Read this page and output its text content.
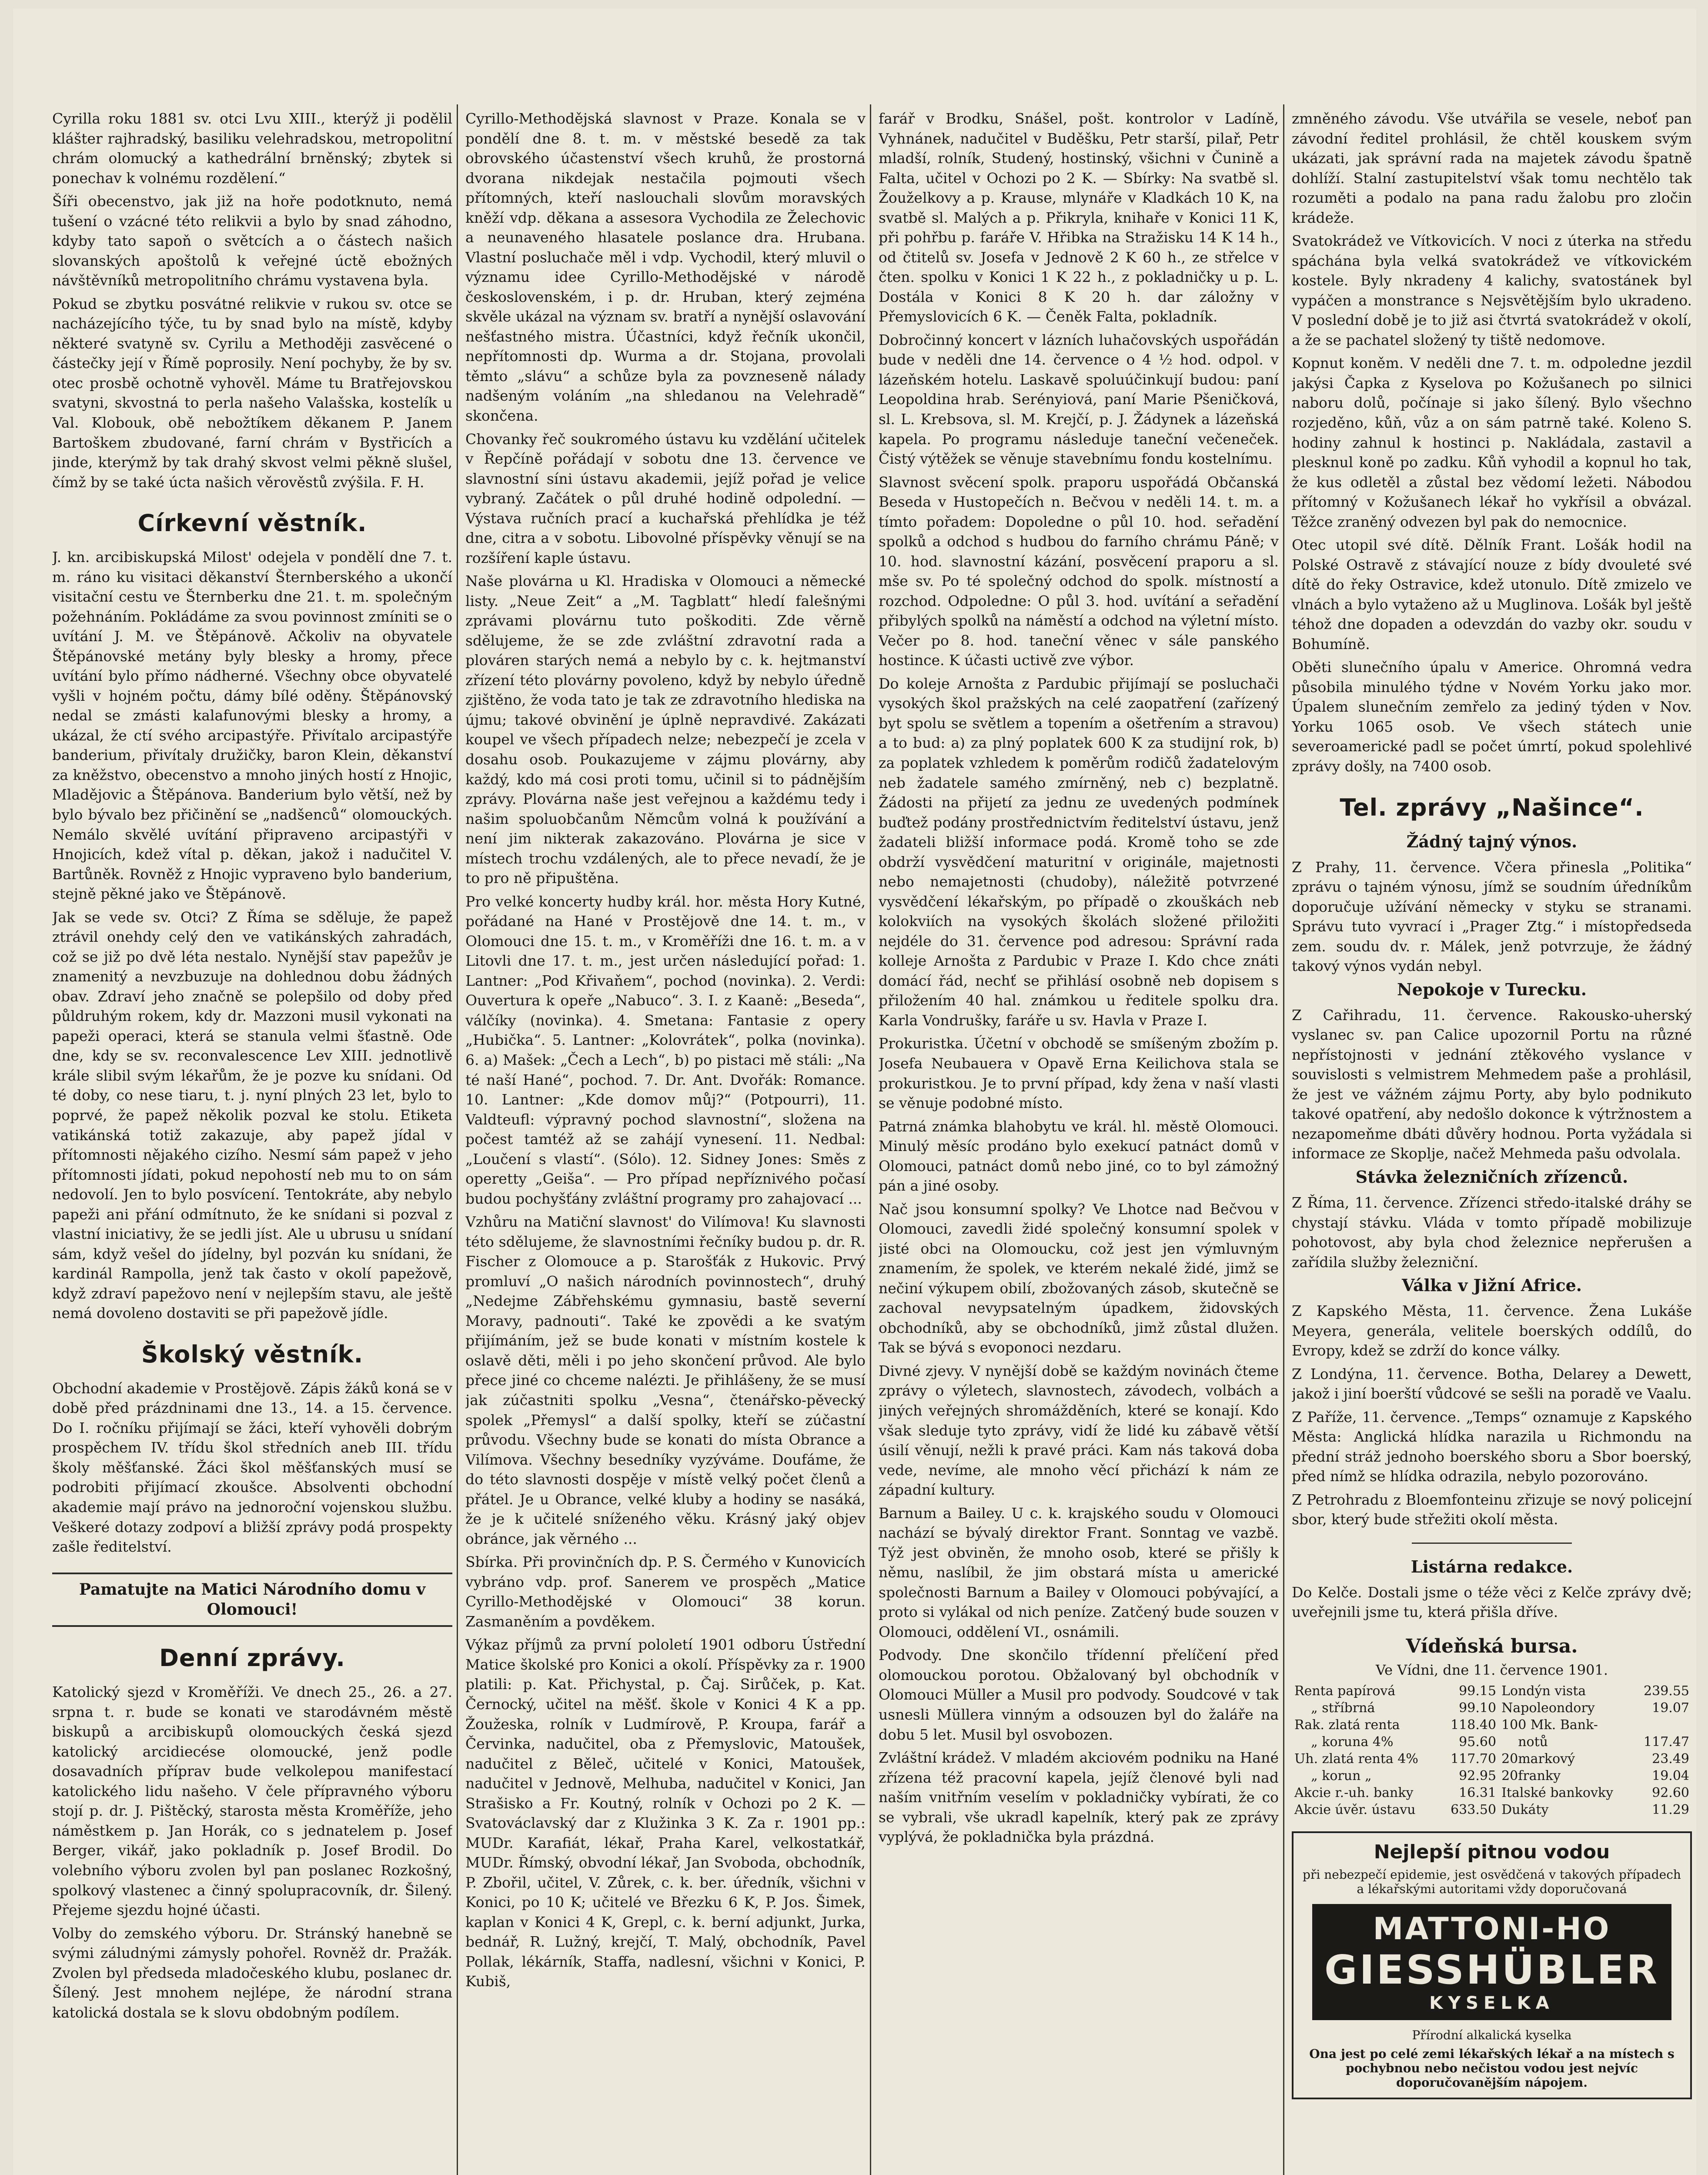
Cyrilla roku 1881 sv. otci Lvu XIII., kterýž ji podělil klášter rajhradský, basiliku velehradskou, metropolitní chrám olomucký a kathedrální brněnský; zbytek si ponechav k volnému rozdělení.“

Šíři obecenstvo, jak již na hoře podotknuto, nemá tušení o vzácné této relikvii a bylo by snad záhodno, kdyby tato sapoň o světcích a o částech našich slovanských apoštolů k veřejné úctě ebožných návštěvníků metropolitního chrámu vystavena byla.

Pokud se zbytku posvátné relikvie v rukou sv. otce se nacházejícího týče, tu by snad bylo na místě, kdyby některé svatyně sv. Cyrilu a Methoději zasvěcené o částečky její v Římě poprosily. Není pochyby, že by sv. otec prosbě ochotně vyhověl. Máme tu Bratřejovskou svatyni, skvostná to perla našeho Valašska, kostelík u Val. Klobouk, obě nebožtíkem děkanem P. Janem Bartoškem zbudované, farní chrám v Bystřicích a jinde, kterýmž by tak drahý skvost velmi pěkně slušel, čímž by se také úcta našich věrověstů zvýšila. F. H.

Církevní věstník.

J. kn. arcibiskupská Milost' odejela v pondělí dne 7. t. m. ráno ku visitaci děkanství Šternberského a ukončí visitační cestu ve Šternberku dne 21. t. m. společným požehnáním. Pokládáme za svou povinnost zmíniti se o uvítání J. M. ve Štěpánově. Ačkoliv na obyvatele Štěpánovské metány byly blesky a hromy, přece uvítání bylo přímo nádherné. Všechny obce obyvatelé vyšli v hojném počtu, dámy bílé oděny. Štěpánovský nedal se zmásti kalafunovými blesky a hromy, a ukázal, že ctí svého arcipastýře. Přivítalo arcipastýře banderium, přivítaly družičky, baron Klein, děkanství za kněžstvo, obecenstvo a mnoho jiných hostí z Hnojic, Mladějovic a Štěpánova. Banderium bylo větší, než by bylo bývalo bez přičinění se „nadšenců“ olomouckých. Nemálo skvělé uvítání připraveno arcipastýři v Hnojicích, kdež vítal p. děkan, jakož i nadučitel V. Bartůněk. Rovněž z Hnojic vypraveno bylo banderium, stejně pěkné jako ve Štěpánově.

Jak se vede sv. Otci? Z Říma se sděluje, že papež ztrávil onehdy celý den ve vatikánských zahradách, což se již po dvě léta nestalo. Nynější stav papežův je znamenitý a nevzbuzuje na dohlednou dobu žádných obav. Zdraví jeho značně se polepšilo od doby před půldruhým rokem, kdy dr. Mazzoni musil vykonati na papeži operaci, která se stanula velmi šťastně. Ode dne, kdy se sv. reconvalescence Lev XIII. jednotlivě krále slibil svým lékařům, že je pozve ku snídani. Od té doby, co nese tiaru, t. j. nyní plných 23 let, bylo to poprvé, že papež několik pozval ke stolu. Etiketa vatikánská totiž zakazuje, aby papež jídal v přítomnosti nějakého cizího. Nesmí sám papež v jeho přítomnosti jídati, pokud nepohostí neb mu to on sám nedovolí. Jen to bylo posvícení. Tentokráte, aby nebylo papeži ani přání odmítnuto, že ke snídani si pozval z vlastní iniciativy, že se jedli jíst. Ale u ubrusu u snídaní sám, když vešel do jídelny, byl pozván ku snídani, že kardinál Rampolla, jenž tak často v okolí papežově, když zdraví papežovo není v nejlepším stavu, ale ještě nemá dovoleno dostaviti se při papežově jídle.

Školský věstník.

Obchodní akademie v Prostějově. Zápis žáků koná se v době před prázdninami dne 13., 14. a 15. července. Do I. ročníku přijímají se žáci, kteří vyhověli dobrým prospěchem IV. třídu škol středních aneb III. třídu školy měšťanské. Žáci škol měšťanských musí se podrobiti přijímací zkoušce. Absolventi obchodní akademie mají právo na jednoroční vojenskou službu. Veškeré dotazy zodpoví a bližší zprávy podá prospekty zašle ředitelství.

Pamatujte na Matici Národního domu v Olomouci!
Denní zprávy.

Katolický sjezd v Kroměříži. Ve dnech 25., 26. a 27. srpna t. r. bude se konati ve starodávném městě biskupů a arcibiskupů olomouckých česká sjezd katolický arcidiecése olomoucké, jenž podle dosavadních příprav bude velkolepou manifestací katolického lidu našeho. V čele přípravného výboru stojí p. dr. J. Pištěcký, starosta města Kroměříže, jeho náměstkem p. Jan Horák, co s jednatelem p. Josef Berger, vikář, jako pokladník p. Josef Brodil. Do volebního výboru zvolen byl pan poslanec Rozkošný, spolkový vlastenec a činný spolupracovník, dr. Šilený. Přejeme sjezdu hojné účasti.

Volby do zemského výboru. Dr. Stránský hanebně se svými záludnými zámysly pohořel. Rovněž dr. Pražák. Zvolen byl předseda mladočeského klubu, poslanec dr. Šílený. Jest mnohem nejlépe, že národní strana katolická dostala se k slovu obdobným podílem.

Cyrillo-Methodějská slavnost v Praze. Konala se v pondělí dne 8. t. m. v městské besedě za tak obrovského účastenství všech kruhů, že prostorná dvorana nikdejak nestačila pojmouti všech přítomných, kteří naslouchali slovům moravských kněží vdp. děkana a assesora Vychodila ze Želechovic a neunaveného hlasatele poslance dra. Hrubana. Vlastní posluchače měl i vdp. Vychodil, který mluvil o významu idee Cyrillo-Methodějské v národě československém, i p. dr. Hruban, který zejména skvěle ukázal na význam sv. bratří a nynější oslavování nešťastného mistra. Účastníci, když řečník ukončil, nepřítomnosti dp. Wurma a dr. Stojana, provolali těmto „slávu“ a schůze byla za povzneseně nálady nadšeným voláním „na shledanou na Velehradě“ skončena.

Chovanky řeč soukromého ústavu ku vzdělání učitelek v Řepčíně pořádají v sobotu dne 13. července ve slavnostní síni ústavu akademii, jejíž pořad je velice vybraný. Začátek o půl druhé hodině odpolední. — Výstava ručních prací a kuchařská přehlídka je též dne, citra a v sobotu. Libovolné příspěvky věnují se na rozšíření kaple ústavu.

Naše plovárna u Kl. Hradiska v Olomouci a německé listy. „Neue Zeit“ a „M. Tagblatt“ hledí falešnými zprávami plovárnu tuto poškoditi. Zde věrně sdělujeme, že se zde zvláštní zdravotní rada a plováren starých nemá a nebylo by c. k. hejtmanství zřízení této plovárny povoleno, když by nebylo úředně zjištěno, že voda tato je tak ze zdravotního hlediska na újmu; takové obvinění je úplně nepravdivé. Zakázati koupel ve všech případech nelze; nebezpečí je zcela v dosahu osob. Poukazujeme v zájmu plovárny, aby každý, kdo má cosi proti tomu, učinil si to pádnějším zprávy. Plovárna naše jest veřejnou a každému tedy i našim spoluobčanům Němcům volná k používání a není jim nikterak zakazováno. Plovárna je sice v místech trochu vzdálených, ale to přece nevadí, že je to pro ně připuštěna.

Pro velké koncerty hudby král. hor. města Hory Kutné, pořádané na Hané v Prostějově dne 14. t. m., v Olomouci dne 15. t. m., v Kroměříži dne 16. t. m. a v Litovli dne 17. t. m., jest určen následující pořad: 1. Lantner: „Pod Křivaňem“, pochod (novinka). 2. Verdi: Ouvertura k opeře „Nabuco“. 3. I. z Kaaně: „Beseda“, válčíky (novinka). 4. Smetana: Fantasie z opery „Hubička“. 5. Lantner: „Kolovrátek“, polka (novinka). 6. a) Mašek: „Čech a Lech“, b) po pistaci mě stáli: „Na té naší Hané“, pochod. 7. Dr. Ant. Dvořák: Romance. 10. Lantner: „Kde domov můj?“ (Potpourri), 11. Valdteufl: výpravný pochod slavnostní“, složena na počest tamtéž až se zahájí vynesení. 11. Nedbal: „Loučení s vlastí“. (Sólo). 12. Sidney Jones: Směs z operetty „Geiša“. — Pro případ nepříznivého počasí budou pochyšťány zvláštní programy pro zahajovací ...

Vzhůru na Matiční slavnost' do Vilímova! Ku slavnosti této sdělujeme, že slavnostními řečníky budou p. dr. R. Fischer z Olomouce a p. Starošťák z Hukovic. Prvý promluví „O našich národních povinnostech“, druhý „Nedejme Zábřehskému gymnasiu, bastě severní Moravy, padnouti“. Také ke zpovědi a ke svatým přijímáním, jež se bude konati v místním kostele k oslavě děti, měli i po jeho skončení průvod. Ale bylo přece jiné co chceme nalézti. Je přihlášeny, že se musí jak zúčastniti spolku „Vesna“, čtenářsko-pěvecký spolek „Přemysl“ a další spolky, kteří se zúčastní průvodu. Všechny bude se konati do místa Obrance a Vilímova. Všechny besedníky vyzýváme. Doufáme, že do této slavnosti dospěje v místě velký počet členů a přátel. Je u Obrance, velké kluby a hodiny se nasáká, že je k učitelé sníženého věku. Krásný jaký objev obránce, jak věrného ...

Sbírka. Při provinčních dp. P. S. Čermého v Kunovicích vybráno vdp. prof. Sanerem ve prospěch „Matice Cyrillo-Methodějské v Olomouci“ 38 korun. Zasmaněním a povděkem.

Výkaz příjmů za první pololetí 1901 odboru Ústřední Matice školské pro Konici a okolí. Příspěvky za r. 1900 platili: p. Kat. Přichystal, p. Čaj. Sirůček, p. Kat. Černocký, učitel na měšť. škole v Konici 4 K a pp. Žoužeska, rolník v Ludmírově, P. Kroupa, farář a Červinka, nadučitel, oba z Přemyslovic, Matoušek, nadučitel z Běleč, učitelé v Konici, Matoušek, nadučitel v Jednově, Melhuba, nadučitel v Konici, Jan Strašisko a Fr. Koutný, rolník v Ochozi po 2 K. — Svatováclavský dar z Klužinka 3 K. Za r. 1901 pp.: MUDr. Karafiát, lékař, Praha Karel, velkostatkář, MUDr. Římský, obvodní lékař, Jan Svoboda, obchodník, P. Zbořil, učitel, V. Zůrek, c. k. ber. úředník, všichni v Konici, po 10 K; učitelé ve Březku 6 K, P. Jos. Šimek, kaplan v Konici 4 K, Grepl, c. k. berní adjunkt, Jurka, bednář, R. Lužný, krejčí, T. Malý, obchodník, Pavel Pollak, lékárník, Staffa, nadlesní, všichni v Konici, P. Kubiš,

farář v Brodku, Snášel, pošt. kontrolor v Ladíně, Vyhnánek, nadučitel v Buděšku, Petr starší, pilař, Petr mladší, rolník, Studený, hostinský, všichni v Čunině a Falta, učitel v Ochozi po 2 K. — Sbírky: Na svatbě sl. Žouželkovy a p. Krause, mlynáře v Kladkách 10 K, na svatbě sl. Malých a p. Přikryla, knihaře v Konici 11 K, při pohřbu p. faráře V. Hřibka na Stražisku 14 K 14 h., od čtitelů sv. Josefa v Jednově 2 K 60 h., ze střelce v čten. spolku v Konici 1 K 22 h., z pokladničky u p. L. Dostála v Konici 8 K 20 h. dar záložny v Přemyslovicích 6 K. — Čeněk Falta, pokladník.

Dobročinný koncert v lázních luhačovských uspořádán bude v neděli dne 14. července o 4 ½ hod. odpol. v lázeňském hotelu. Laskavě spoluúčinkují budou: paní Leopoldina hrab. Serényiová, paní Marie Pšeničková, sl. L. Krebsova, sl. M. Krejčí, p. J. Žádynek a lázeňská kapela. Po programu následuje taneční večeneček. Čistý výtěžek se věnuje stavebnímu fondu kostelnímu.

Slavnost svěcení spolk. praporu uspořádá Občanská Beseda v Hustopečích n. Bečvou v neděli 14. t. m. a tímto pořadem: Dopoledne o půl 10. hod. seřadění spolků a odchod s hudbou do farního chrámu Páně; v 10. hod. slavnostní kázání, posvěcení praporu a sl. mše sv. Po té společný odchod do spolk. místností a rozchod. Odpoledne: O půl 3. hod. uvítání a seřadění přibylých spolků na náměstí a odchod na výletní místo. Večer po 8. hod. taneční věnec v sále panského hostince. K účasti uctivě zve výbor.

Do koleje Arnošta z Pardubic přijímají se posluchači vysokých škol pražských na celé zaopatření (zařízený byt spolu se světlem a topením a ošetřením a stravou) a to bud: a) za plný poplatek 600 K za studijní rok, b) za poplatek vzhledem k poměrům rodičů žadatelovým neb žadatele samého zmírněný, neb c) bezplatně. Žádosti na přijetí za jednu ze uvedených podmínek buďtež podány prostřednictvím ředitelství ústavu, jenž žadateli bližší informace podá. Kromě toho se zde obdrží vysvědčení maturitní v originále, majetnosti nebo nemajetnosti (chudoby), náležitě potvrzené vysvědčení lékařským, po případě o zkouškách neb kolokviích na vysokých školách složené přiložiti nejdéle do 31. července pod adresou: Správní rada kolleje Arnošta z Pardubic v Praze I. Kdo chce znáti domácí řád, nechť se přihlásí osobně neb dopisem s přiložením 40 hal. známkou u ředitele spolku dra. Karla Vondrušky, faráře u sv. Havla v Praze I.

Prokuristka. Účetní v obchodě se smíšeným zbožím p. Josefa Neubauera v Opavě Erna Keilichova stala se prokuristkou. Je to první případ, kdy žena v naší vlasti se věnuje podobné místo.

Patrná známka blahobytu ve král. hl. městě Olomouci. Minulý měsíc prodáno bylo exekucí patnáct domů v Olomouci, patnáct domů nebo jiné, co to byl zámožný pán a jiné osoby.

Nač jsou konsumní spolky? Ve Lhotce nad Bečvou v Olomouci, zavedli židé společný konsumní spolek v jisté obci na Olomoucku, což jest jen výmluvným znamením, že spolek, ve kterém nekalé židé, jimž se nečiní výkupem obilí, zbožovaných zásob, skutečně se zachoval nevypsatelným úpadkem, židovských obchodníků, aby se obchodníků, jimž zůstal dlužen. Tak se bývá s evoponoci nezdaru.

Divné zjevy. V nynější době se každým novinách čteme zprávy o výletech, slavnostech, závodech, volbách a jiných veřejných shromážděních, které se konají. Kdo však sleduje tyto zprávy, vidí že lidé ku zábavě větší úsilí věnují, nežli k pravé práci. Kam nás taková doba vede, nevíme, ale mnoho věcí přichází k nám ze západní kultury.

Barnum a Bailey. U c. k. krajského soudu v Olomouci nachází se bývalý direktor Frant. Sonntag ve vazbě. Týž jest obviněn, že mnoho osob, které se přišly k němu, naslíbil, že jim obstará místa u americké společnosti Barnum a Bailey v Olomouci pobývající, a proto si vylákal od nich peníze. Zatčený bude souzen v Olomouci, oddělení VI., osnámili.

Podvody. Dne skončilo třídenní přelíčení před olomouckou porotou. Obžalovaný byl obchodník v Olomouci Müller a Musil pro podvody. Soudcové v tak usnesli Müllera vinným a odsouzen byl do žaláře na dobu 5 let. Musil byl osvobozen.

Zvláštní krádež. V mladém akciovém podniku na Hané zřízena též pracovní kapela, jejíž členové byli nad naším vnitřním veselím v pokladničky vybírati, že co se vybrali, vše ukradl kapelník, který pak ze zprávy vyplývá, že pokladnička byla prázdná.

zmněného závodu. Vše utvářila se vesele, neboť pan závodní ředitel prohlásil, že chtěl kouskem svým ukázati, jak správní rada na majetek závodu špatně dohlíží. Stalní zastupitelství však tomu nechtělo tak rozuměti a podalo na pana radu žalobu pro zločin krádeže.

Svatokrádež ve Vítkovicích. V noci z úterka na středu spáchána byla velká svatokrádež ve vítkovickém kostele. Byly nkradeny 4 kalichy, svatostánek byl vypáčen a monstrance s Nejsvětějším bylo ukradeno. V poslední době je to již asi čtvrtá svatokrádež v okolí, a že se pachatel složený ty tiště nedomove.

Kopnut koněm. V neděli dne 7. t. m. odpoledne jezdil jakýsi Čapka z Kyselova po Kožušanech po silnici naboru dolů, počínaje si jako šílený. Bylo všechno rozjeděno, kůň, vůz a on sám patrně také. Koleno S. hodiny zahnul k hostinci p. Nakládala, zastavil a plesknul koně po zadku. Kůň vyhodil a kopnul ho tak, že kus odletěl a zůstal bez vědomí ležeti. Nábodou přítomný v Kožušanech lékař ho vykřísil a obvázal. Těžce zraněný odvezen byl pak do nemocnice.

Otec utopil své dítě. Dělník Frant. Lošák hodil na Polské Ostravě z stávající nouze z bídy dvouleté své dítě do řeky Ostravice, kdež utonulo. Dítě zmizelo ve vlnách a bylo vytaženo až u Muglinova. Lošák byl ještě téhož dne dopaden a odevzdán do vazby okr. soudu v Bohumíně.

Oběti slunečního úpalu v Americe. Ohromná vedra působila minulého týdne v Novém Yorku jako mor. Úpalem slunečním zemřelo za jediný týden v Nov. Yorku 1065 osob. Ve všech státech unie severoamerické padl se počet úmrtí, pokud spolehlivé zprávy došly, na 7400 osob.

Tel. zprávy „Našince“.
Žádný tajný výnos.

Z Prahy, 11. července. Včera přinesla „Politika“ zprávu o tajném výnosu, jímž se soudním úředníkům doporučuje užívání německy v styku se stranami. Správu tuto vyvrací i „Prager Ztg.“ i místopředseda zem. soudu dv. r. Málek, jenž potvrzuje, že žádný takový výnos vydán nebyl.

Nepokoje v Turecku.

Z Cařihradu, 11. července. Rakousko-uherský vyslanec sv. pan Calice upozornil Portu na různé nepřístojnosti v jednání ztěkového vyslance v souvislosti s velmistrem Mehmedem paše a prohlásil, že jest ve vážném zájmu Porty, aby bylo podnikuto takové opatření, aby nedošlo dokonce k výtržnostem a nezapomeňme dbáti důvěry hodnou. Porta vyžádala si informace ze Skoplje, načež Mehmeda pašu odvolala.

Stávka železničních zřízenců.

Z Říma, 11. července. Zřízenci středo-italské dráhy se chystají stávku. Vláda v tomto případě mobilizuje pohotovost, aby byla chod železnice nepřerušen a zařídila služby železniční.

Válka v Jižní Africe.

Z Kapského Města, 11. července. Žena Lukáše Meyera, generála, velitele boerských oddílů, do Evropy, kdež se zdrží do konce války.

Z Londýna, 11. července. Botha, Delarey a Dewett, jakož i jiní boerští vůdcové se sešli na poradě ve Vaalu.

Z Paříže, 11. července. „Temps“ oznamuje z Kapského Města: Anglická hlídka narazila u Richmondu na přední stráž jednoho boerského sboru a Sbor boerský, před nímž se hlídka odrazila, nebylo pozorováno.

Z Petrohradu z Bloemfonteinu zřizuje se nový policejní sbor, který bude střežiti okolí města.

Listárna redakce.

Do Kelče. Dostali jsme o téže věci z Kelče zprávy dvě; uveřejnili jsme tu, která přišla dříve.

Vídeňská bursa.
Ve Vídni, dne 11. července 1901.
Renta papírová	99.15	Londýn vista	239.55
„ stříbrná	99.10	Napoleondory	19.07
Rak. zlatá renta	118.40	100 Mk. Bank-	
„ koruna 4%	95.60	notů	117.47
Uh. zlatá renta 4%	117.70	20markový	23.49
„ korun „	92.95	20franky	19.04
Akcie r.-uh. banky	16.31	Italské bankovky	92.60
Akcie úvěr. ústavu	633.50	Dukáty	11.29
Nejlepší pitnou vodou
při nebezpečí epidemie, jest osvědčená v takových případech a lékařskými autoritami vždy doporučovaná
MATTONI-HO
GIESSHÜBLER
KYSELKA
Přírodní alkalická kyselka
Ona jest po celé zemi lékařských lékař a na místech s pochybnou nebo nečistou vodou jest nejvíc doporučovanějším nápojem.
